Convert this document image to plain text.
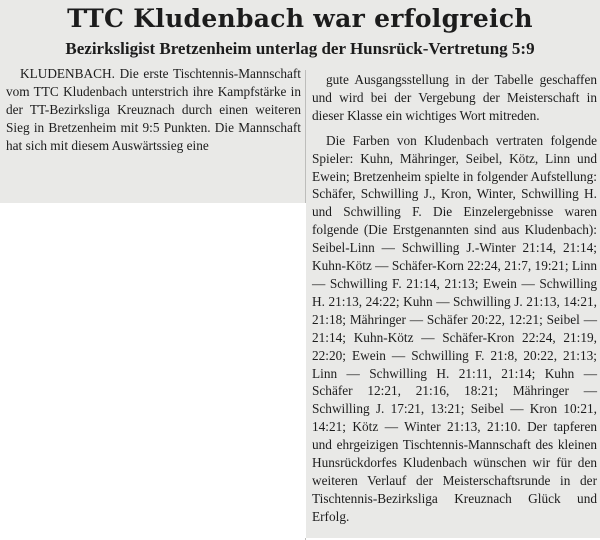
TTC Kludenbach war erfolgreich
Bezirksligist Bretzenheim unterlag der Hunsrück-Vertretung 5:9

KLUDENBACH. Die erste Tischtennis-Mannschaft vom TTC Kludenbach unterstrich ihre Kampfstärke in der TT-Bezirksliga Kreuznach durch einen weiteren Sieg in Bretzenheim mit 9:5 Punkten. Die Mannschaft hat sich mit diesem Auswärtssieg eine

gute Ausgangsstellung in der Tabelle geschaffen und wird bei der Vergebung der Meisterschaft in dieser Klasse ein wichtiges Wort mitreden.

Die Farben von Kludenbach vertraten folgende Spieler: Kuhn, Mähringer, Seibel, Kötz, Linn und Ewein; Bretzenheim spielte in folgender Aufstellung: Schäfer, Schwilling J., Kron, Winter, Schwilling H. und Schwilling F. Die Einzelergebnisse waren folgende (Die Erstgenannten sind aus Kludenbach): Seibel-Linn — Schwilling J.-Winter 21:14, 21:14; Kuhn-Kötz — Schäfer-Korn 22:24, 21:7, 19:21; Linn — Schwilling F. 21:14, 21:13; Ewein — Schwilling H. 21:13, 24:22; Kuhn — Schwilling J. 21:13, 14:21, 21:18; Mähringer — Schäfer 20:22, 12:21; Seibel — 21:14; Kuhn-Kötz — Schäfer-Kron 22:24, 21:19, 22:20; Ewein — Schwilling F. 21:8, 20:22, 21:13; Linn — Schwilling H. 21:11, 21:14; Kuhn — Schäfer 12:21, 21:16, 18:21; Mähringer — Schwilling J. 17:21, 13:21; Seibel — Kron 10:21, 14:21; Kötz — Winter 21:13, 21:10. Der tapferen und ehrgeizigen Tischtennis-Mannschaft des kleinen Hunsrückdorfes Kludenbach wünschen wir für den weiteren Verlauf der Meisterschaftsrunde in der Tischtennis-Bezirksliga Kreuznach Glück und Erfolg.
